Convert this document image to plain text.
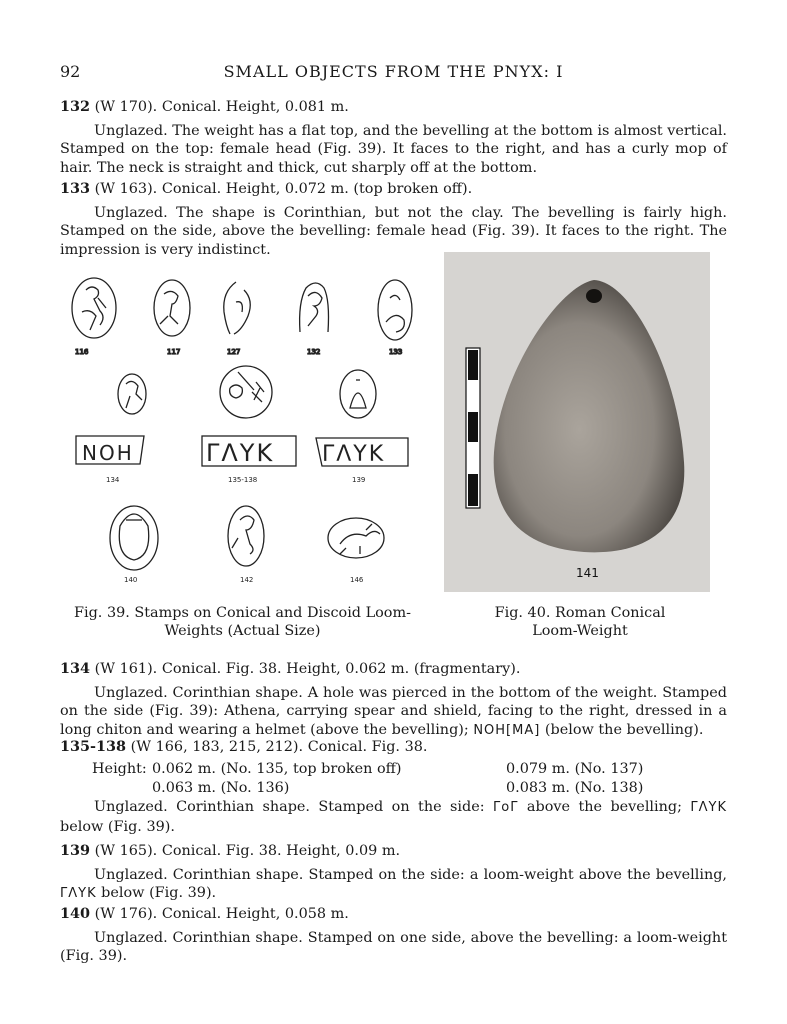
92	SMALL OBJECTS FROM THE PNYX: I

132 (W 170). Conical. Height, 0.081 m.

Unglazed. The weight has a flat top, and the bevelling at the bottom is almost vertical. Stamped on the top: female head (Fig. 39). It faces to the right, and has a curly mop of hair. The neck is straight and thick, cut sharply off at the bottom.

133 (W 163). Conical. Height, 0.072 m. (top broken off).

Unglazed. The shape is Corinthian, but not the clay. The bevelling is fairly high. Stamped on the side, above the bevelling: female head (Fig. 39). It faces to the right. The impression is very indistinct.

116	117	127	132	133
NOH	ΓΛΥΚ ΓΛΥΚ
134	135-138	139
140	142	146	141
Fig. 39. Stamps on Conical and Discoid Loom-Weights (Actual Size)
Fig. 40. Roman Conical Loom-Weight

134 (W 161). Conical. Fig. 38. Height, 0.062 m. (fragmentary).

Unglazed. Corinthian shape. A hole was pierced in the bottom of the weight. Stamped on the side (Fig. 39): Athena, carrying spear and shield, facing to the right, dressed in a long chiton and wearing a helmet (above the bevelling); NOH[MA] (below the bevelling).

135-138 (W 166, 183, 215, 212). Conical. Fig. 38.

Height: 0.062 m. (No. 135, top broken off)	0.079 m. (No. 137)
0.063 m. (No. 136)	0.083 m. (No. 138)

Unglazed. Corinthian shape. Stamped on the side: ΓοΓ above the bevelling; ΓΛΥΚ below (Fig. 39).

139 (W 165). Conical. Fig. 38. Height, 0.09 m.

Unglazed. Corinthian shape. Stamped on the side: a loom-weight above the bevelling, ΓΛΥΚ below (Fig. 39).

140 (W 176). Conical. Height, 0.058 m.

Unglazed. Corinthian shape. Stamped on one side, above the bevelling: a loom-weight (Fig. 39).
